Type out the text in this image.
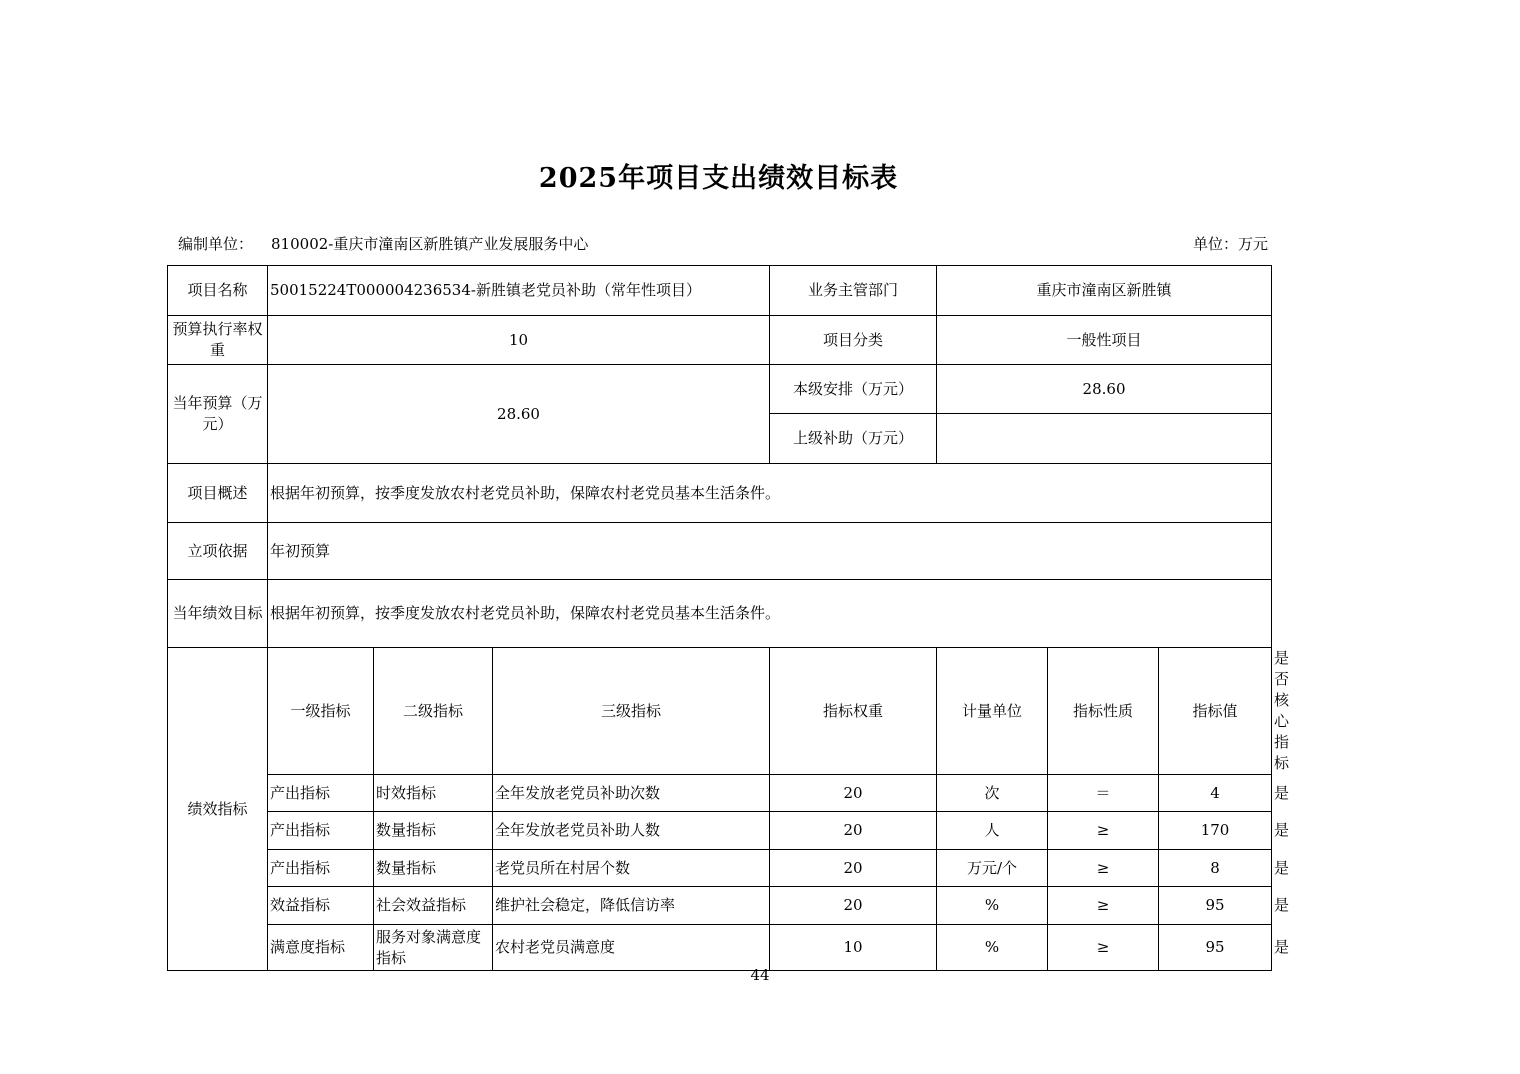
2025年项目支出绩效目标表
编制单位： 810002-重庆市潼南区新胜镇产业发展服务中心	单位：万元
项目名称	50015224T000004236534-新胜镇老党员补助（常年性项目）			业务主管部门	重庆市潼南区新胜镇			
预算执行率权重	10			项目分类	一般性项目			
当年预算（万元）	28.60			本级安排（万元）	28.60			
				上级补助（万元）				
项目概述	根据年初预算，按季度发放农村老党员补助，保障农村老党员基本生活条件。							
立项依据	年初预算							
当年绩效目标	根据年初预算，按季度发放农村老党员补助，保障农村老党员基本生活条件。							
绩效指标	一级指标	二级指标	三级指标	指标权重	计量单位	指标性质	指标值	是否核心指标
	产出指标	时效指标	全年发放老党员补助次数	20	次	＝	4	是
	产出指标	数量指标	全年发放老党员补助人数	20	人	≥	170	是
	产出指标	数量指标	老党员所在村居个数	20	万元/个	≥	8	是
	效益指标	社会效益指标	维护社会稳定，降低信访率	20	%	≥	95	是
	满意度指标	服务对象满意度指标	农村老党员满意度	10	%	≥	95	是
44
